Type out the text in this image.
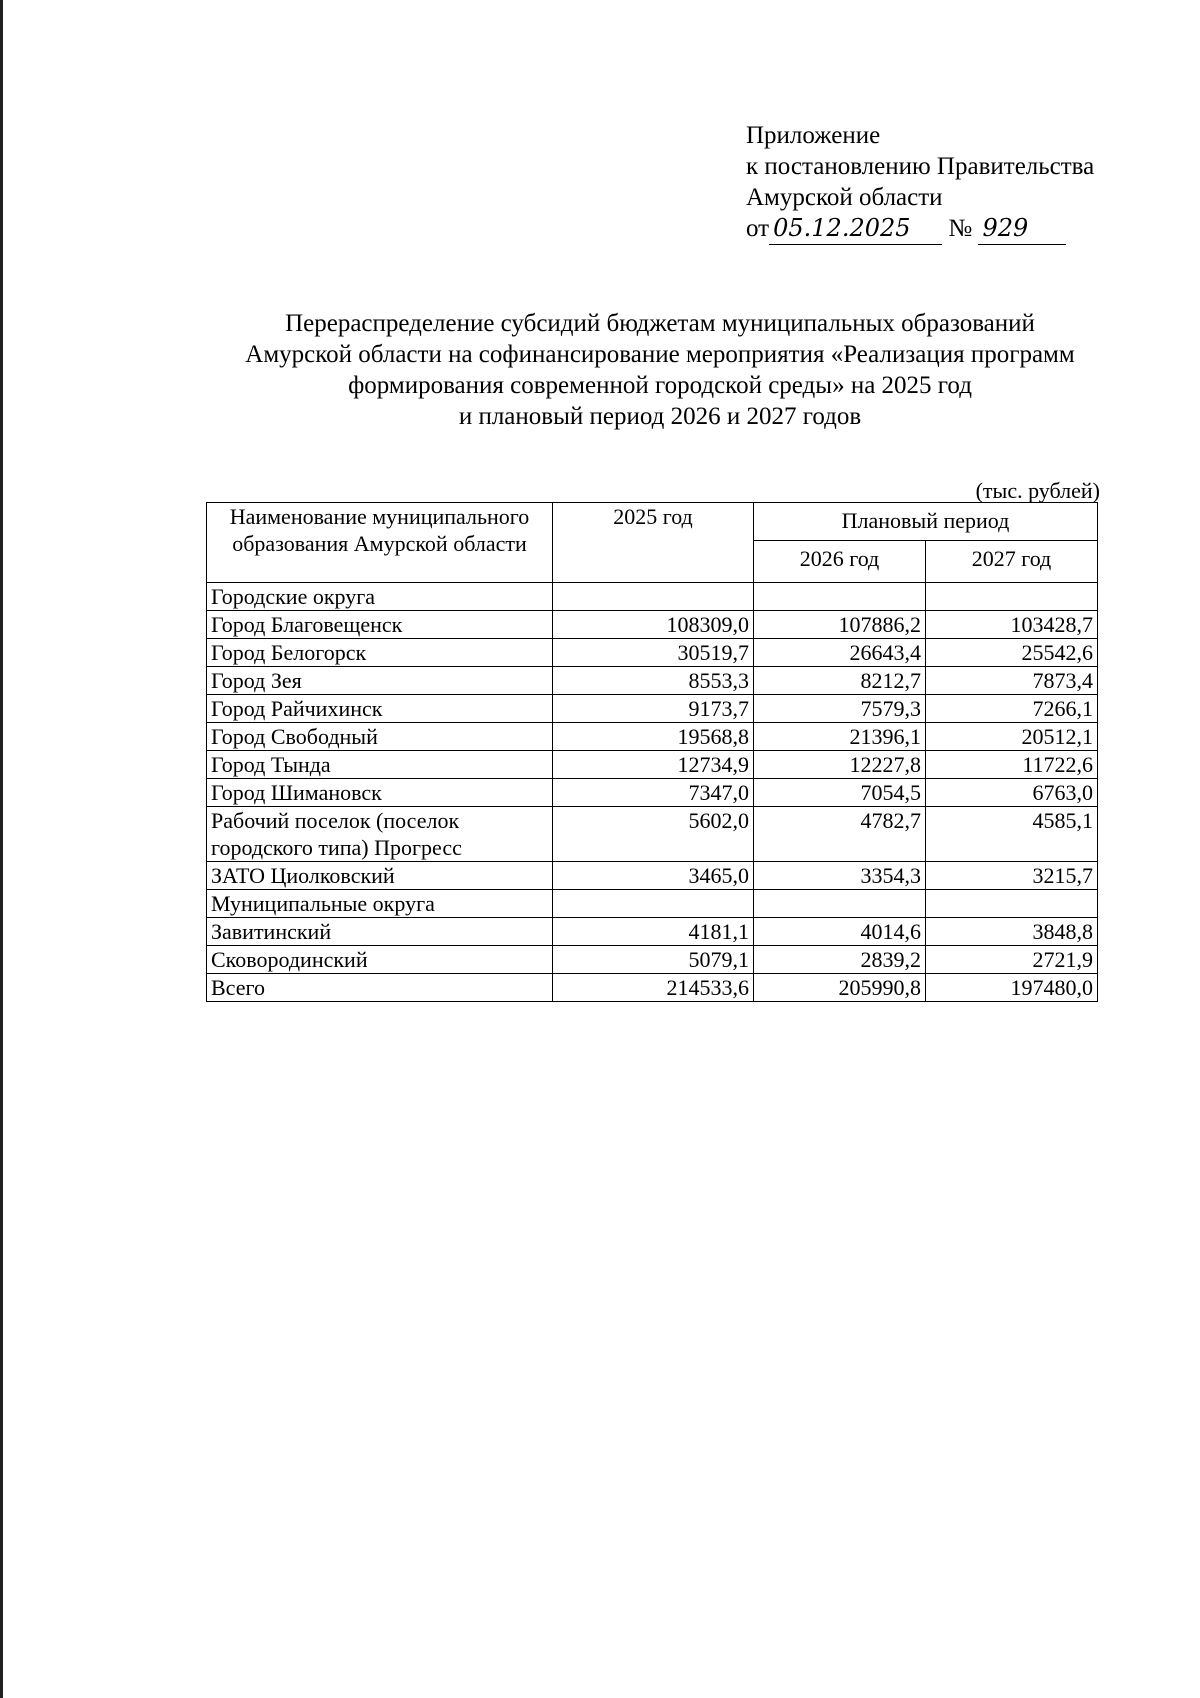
Приложение
к постановлению Правительства
Амурской области
от 05.12.2025 № 929
Перераспределение субсидий бюджетам муниципальных образований
Амурской области на софинансирование мероприятия «Реализация программ
формирования современной городской среды» на 2025 год
и плановый период 2026 и 2027 годов
(тыс. рублей)
Наименование муниципального образования Амурской области	2025 год	Плановый период	
		2026 год	2027 год
Городские округа			
Город Благовещенск	108309,0	107886,2	103428,7
Город Белогорск	30519,7	26643,4	25542,6
Город Зея	8553,3	8212,7	7873,4
Город Райчихинск	9173,7	7579,3	7266,1
Город Свободный	19568,8	21396,1	20512,1
Город Тында	12734,9	12227,8	11722,6
Город Шимановск	7347,0	7054,5	6763,0
Рабочий поселок (поселок городского типа) Прогресс	5602,0	4782,7	4585,1
ЗАТО Циолковский	3465,0	3354,3	3215,7
Муниципальные округа			
Завитинский	4181,1	4014,6	3848,8
Сковородинский	5079,1	2839,2	2721,9
Всего	214533,6	205990,8	197480,0
